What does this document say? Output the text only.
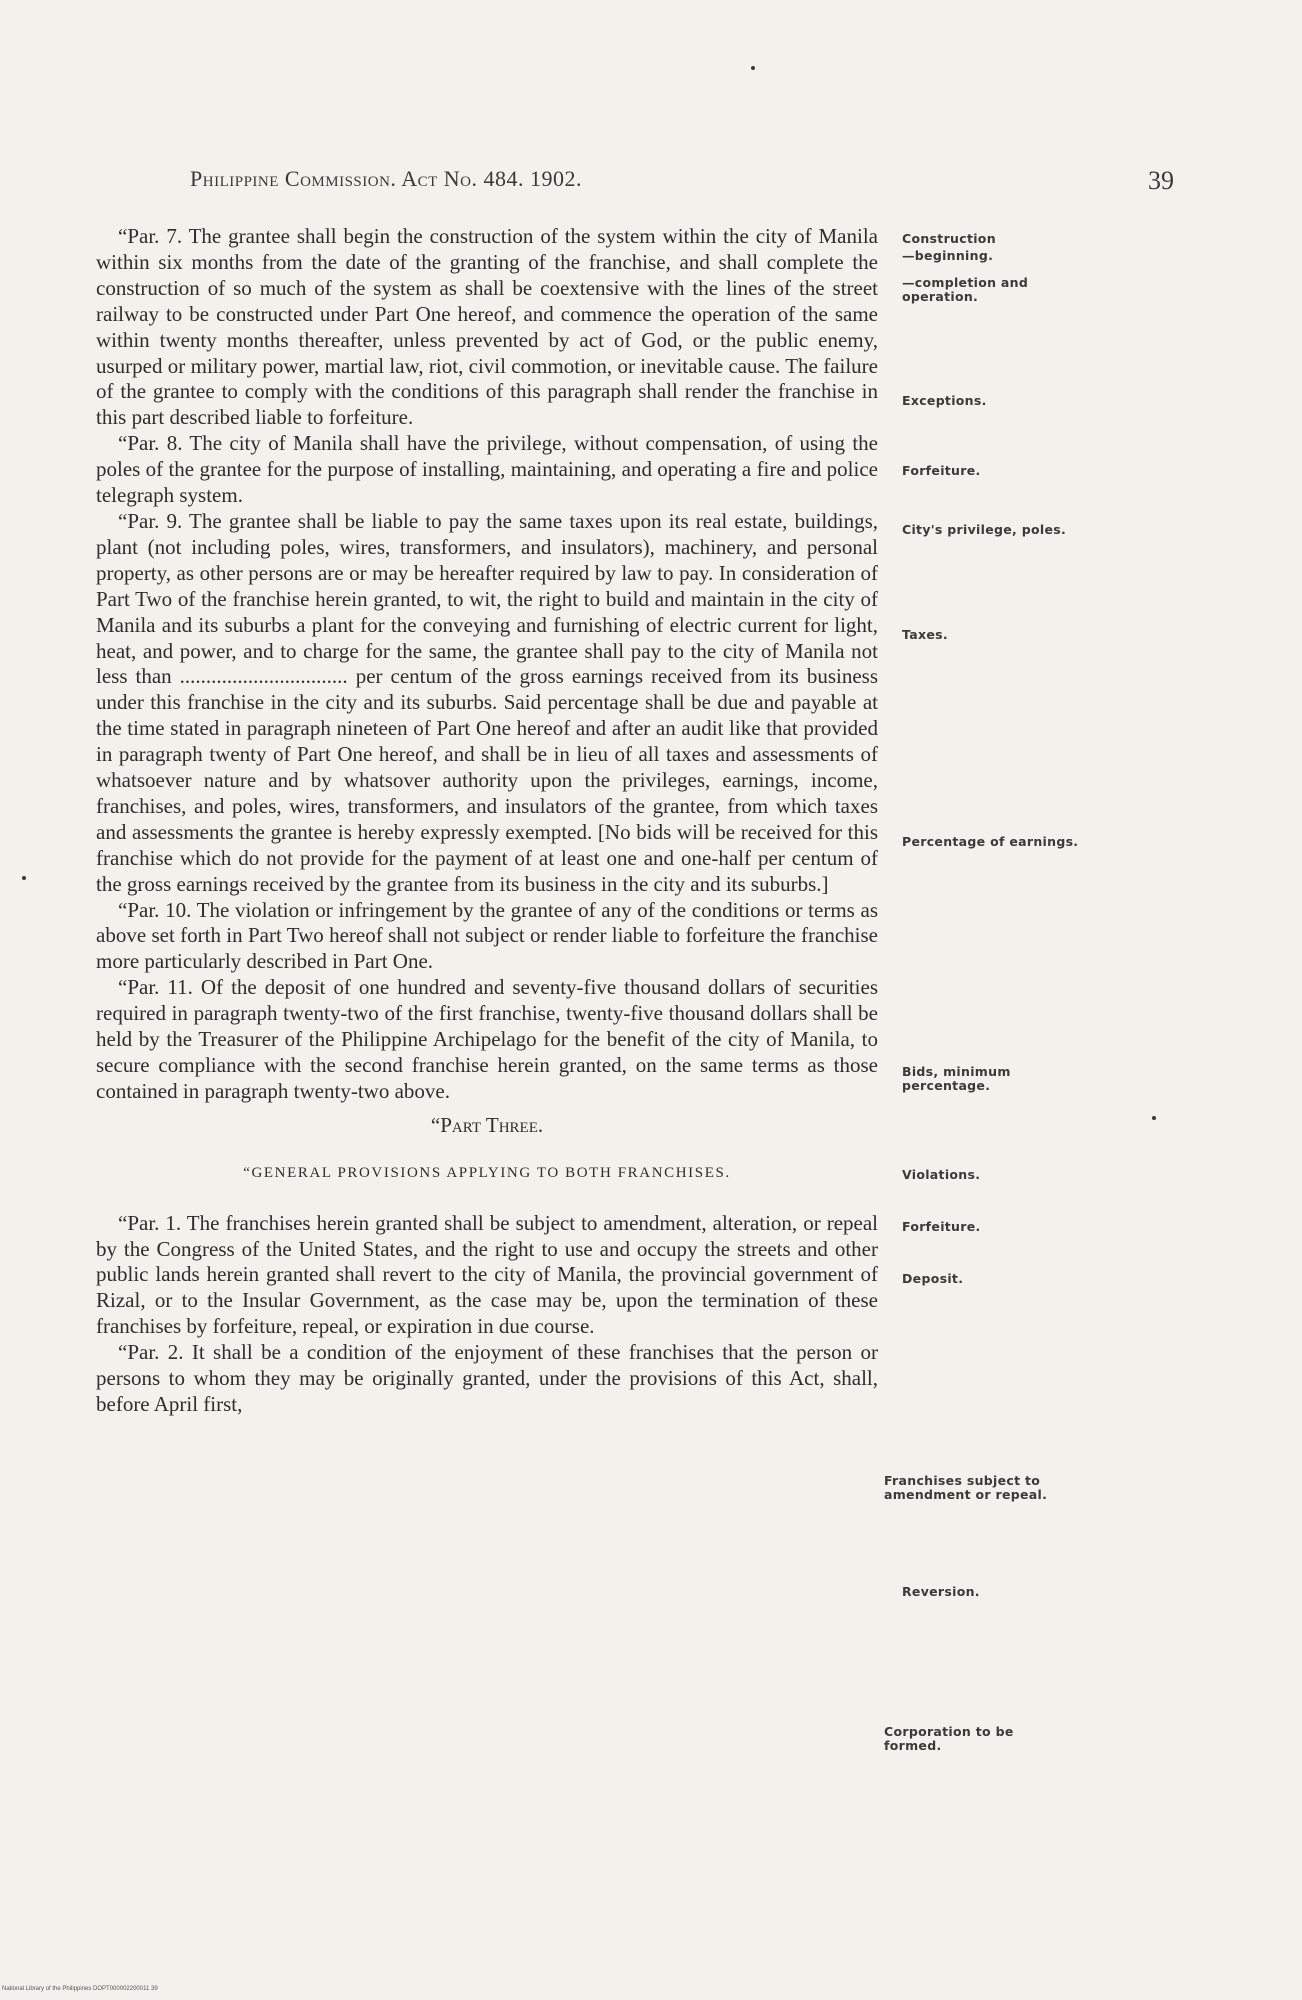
Philippine Commission. Act No. 484. 1902.	39

“Par. 7. The grantee shall begin the construction of the system within the city of Manila within six months from the date of the granting of the franchise, and shall complete the construction of so much of the system as shall be coextensive with the lines of the street railway to be constructed under Part One hereof, and commence the operation of the same within twenty months thereafter, unless prevented by act of God, or the public enemy, usurped or military power, martial law, riot, civil commotion, or inevitable cause. The failure of the grantee to comply with the conditions of this paragraph shall render the franchise in this part described liable to forfeiture.

“Par. 8. The city of Manila shall have the privilege, without compensation, of using the poles of the grantee for the purpose of installing, maintaining, and operating a fire and police telegraph system.

“Par. 9. The grantee shall be liable to pay the same taxes upon its real estate, buildings, plant (not including poles, wires, transformers, and insulators), machinery, and personal property, as other persons are or may be hereafter required by law to pay. In consideration of Part Two of the franchise herein granted, to wit, the right to build and maintain in the city of Manila and its suburbs a plant for the conveying and furnishing of electric current for light, heat, and power, and to charge for the same, the grantee shall pay to the city of Manila not less than ................................ per centum of the gross earnings received from its business under this franchise in the city and its suburbs. Said percentage shall be due and payable at the time stated in paragraph nineteen of Part One hereof and after an audit like that provided in paragraph twenty of Part One hereof, and shall be in lieu of all taxes and assessments of whatsoever nature and by whatsover authority upon the privileges, earnings, income, franchises, and poles, wires, transformers, and insulators of the grantee, from which taxes and assessments the grantee is hereby expressly exempted. [No bids will be received for this franchise which do not provide for the payment of at least one and one-half per centum of the gross earnings received by the grantee from its business in the city and its suburbs.]

“Par. 10. The violation or infringement by the grantee of any of the conditions or terms as above set forth in Part Two hereof shall not subject or render liable to forfeiture the franchise more particularly described in Part One.

“Par. 11. Of the deposit of one hundred and seventy-five thousand dollars of securities required in paragraph twenty-two of the first franchise, twenty-five thousand dollars shall be held by the Treasurer of the Philippine Archipelago for the benefit of the city of Manila, to secure compliance with the second franchise herein granted, on the same terms as those contained in paragraph twenty-two above.

“Part Three.

“GENERAL PROVISIONS APPLYING TO BOTH FRANCHISES.

“Par. 1. The franchises herein granted shall be subject to amendment, alteration, or repeal by the Congress of the United States, and the right to use and occupy the streets and other public lands herein granted shall revert to the city of Manila, the provincial government of Rizal, or to the Insular Government, as the case may be, upon the termination of these franchises by forfeiture, repeal, or expiration in due course.

“Par. 2. It shall be a condition of the enjoyment of these franchises that the person or persons to whom they may be originally granted, under the provisions of this Act, shall, before April first,

Construction
—beginning.
—completion and operation.
Exceptions.
Forfeiture.
City's privilege, poles.
Taxes.
Percentage of earnings.
Bids, minimum percentage.
Violations.
Forfeiture.
Deposit.
Franchises subject to amendment or repeal.
Reversion.
Corporation to be formed.
National Library of the Philippines DOPT000002200011 39
